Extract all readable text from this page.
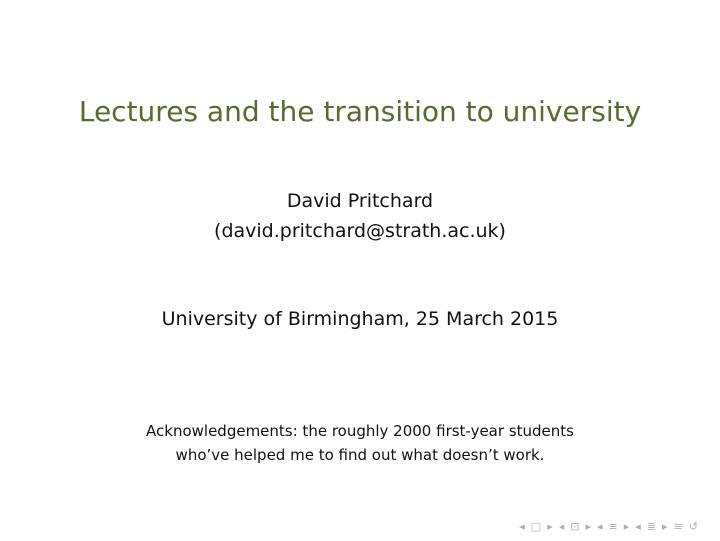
Lectures and the transition to university
David Pritchard
(david.pritchard@strath.ac.uk)
University of Birmingham, 25 March 2015
Acknowledgements: the roughly 2000 first-year students
who’ve helped me to find out what doesn’t work.
◂ □ ▸ ◂ ⊡ ▸ ◂ ≡ ▸ ◂ ≣ ▸ ≡ ↺
